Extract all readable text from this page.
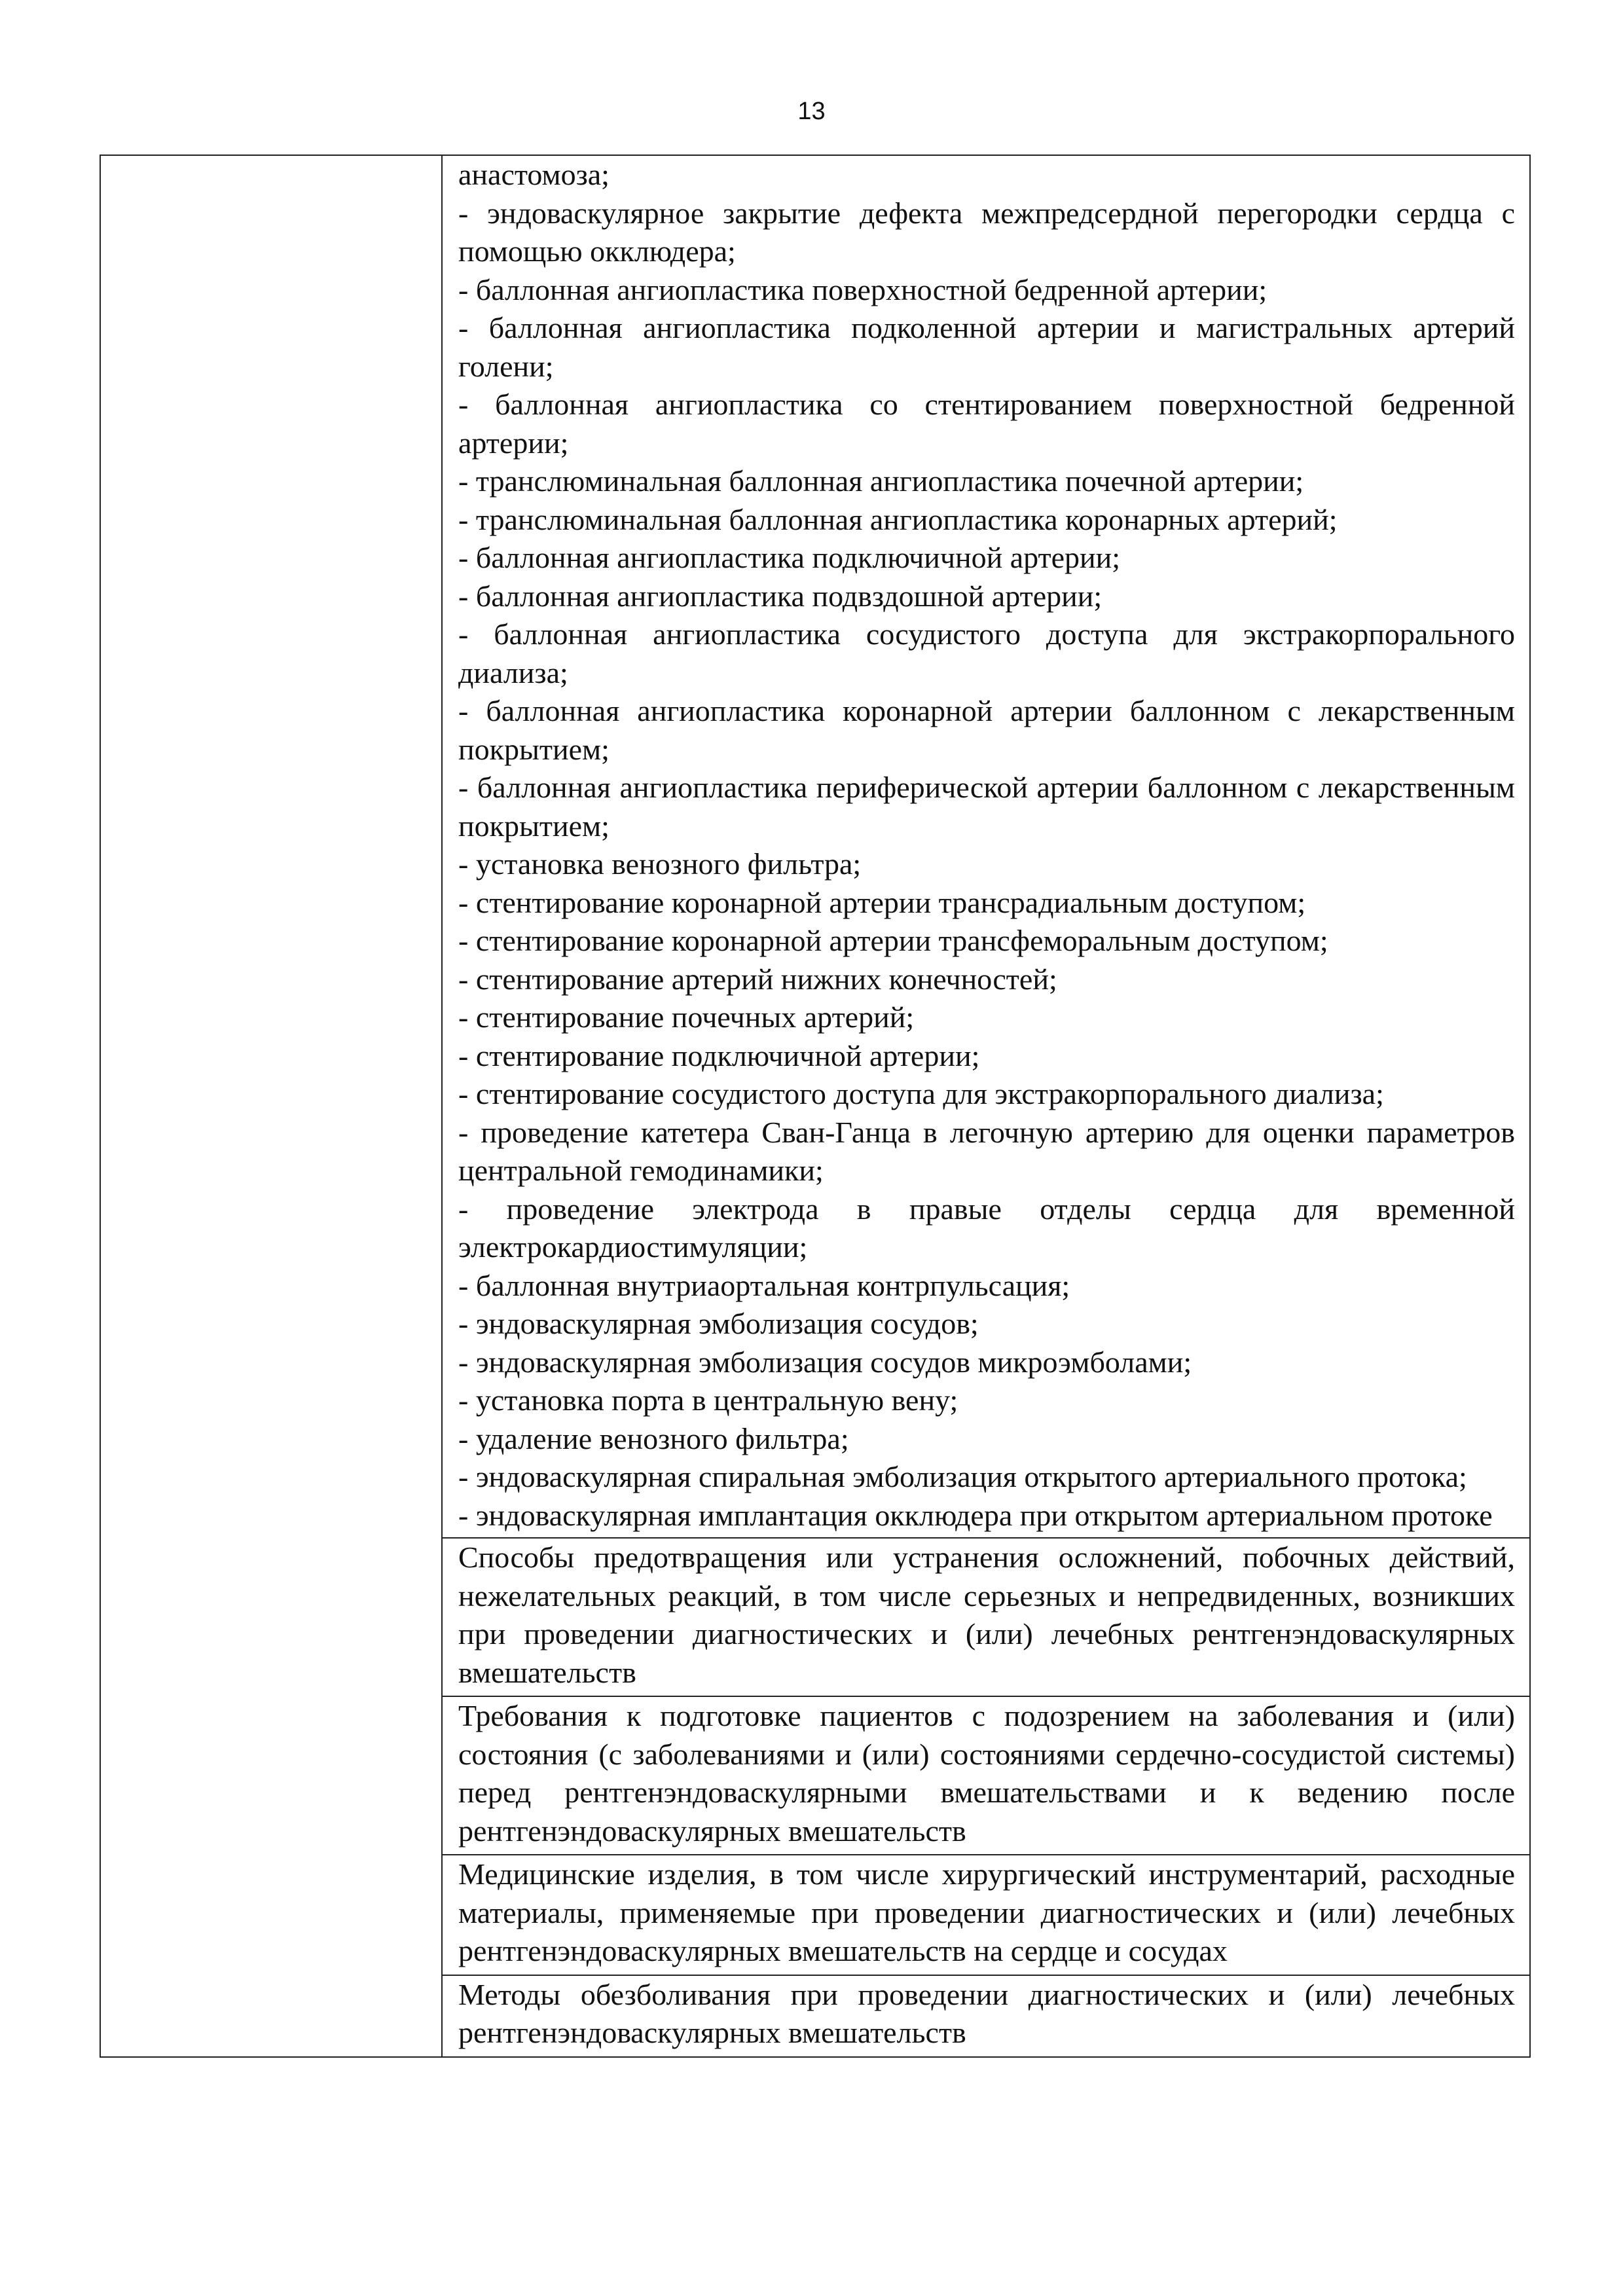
13

анастомоза;
- эндоваскулярное закрытие дефекта межпредсердной перегородки сердца с помощью окклюдера;
- баллонная ангиопластика поверхностной бедренной артерии;
- баллонная ангиопластика подколенной артерии и магистральных артерий голени;
- баллонная ангиопластика со стентированием поверхностной бедренной артерии;
- транслюминальная баллонная ангиопластика почечной артерии;
- транслюминальная баллонная ангиопластика коронарных артерий;
- баллонная ангиопластика подключичной артерии;
- баллонная ангиопластика подвздошной артерии;
- баллонная ангиопластика сосудистого доступа для экстракорпорального диализа;
- баллонная ангиопластика коронарной артерии баллонном с лекарственным покрытием;
- баллонная ангиопластика периферической артерии баллонном с лекарственным покрытием;
- установка венозного фильтра;
- стентирование коронарной артерии трансрадиальным доступом;
- стентирование коронарной артерии трансфеморальным доступом;
- стентирование артерий нижних конечностей;
- стентирование почечных артерий;
- стентирование подключичной артерии;
- стентирование сосудистого доступа для экстракорпорального диализа;
- проведение катетера Сван-Ганца в легочную артерию для оценки параметров центральной гемодинамики;
- проведение электрода в правые отделы сердца для временной электрокардиостимуляции;
- баллонная внутриаортальная контрпульсация;
- эндоваскулярная эмболизация сосудов;
- эндоваскулярная эмболизация сосудов микроэмболами;
- установка порта в центральную вену;
- удаление венозного фильтра;
- эндоваскулярная спиральная эмболизация открытого артериального протока;
- эндоваскулярная имплантация окклюдера при открытом артериальном протоке

Способы предотвращения или устранения осложнений, побочных действий, нежелательных реакций, в том числе серьезных и непредвиденных, возникших при проведении диагностических и (или) лечебных рентгенэндоваскулярных вмешательств

Требования к подготовке пациентов с подозрением на заболевания и (или) состояния (с заболеваниями и (или) состояниями сердечно-сосудистой системы) перед рентгенэндоваскулярными вмешательствами и к ведению после рентгенэндоваскулярных вмешательств

Медицинские изделия, в том числе хирургический инструментарий, расходные материалы, применяемые при проведении диагностических и (или) лечебных рентгенэндоваскулярных вмешательств на сердце и сосудах

Методы обезболивания при проведении диагностических и (или) лечебных рентгенэндоваскулярных вмешательств
